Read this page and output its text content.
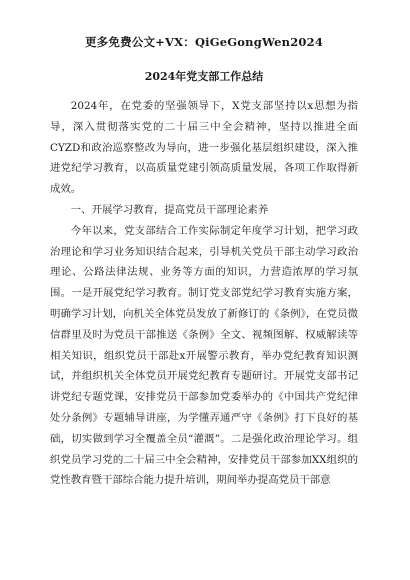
更多免费公文+VX：QiGeGongWen2024
2024年党支部工作总结

2024年，在党委的坚强领导下，X党支部坚持以x思想为指导，深入贯彻落实党的二十届三中全会精神，坚持以推进全面CYZD和政治巡察整改为导向，进一步强化基层组织建设，深入推进党纪学习教育，以高质量党建引领高质量发展，各项工作取得新成效。

一、开展学习教育，提高党员干部理论素养

今年以来，党支部结合工作实际制定年度学习计划，把学习政治理论和学习业务知识结合起来，引导机关党员干部主动学习政治理论、公路法律法规、业务等方面的知识，力营造浓厚的学习氛围。一是开展党纪学习教育。制订党支部党纪学习教育实施方案，明确学习计划，向机关全体党员发放了新修订的《条例》，在党员微信群里及时为党员干部推送《条例》全文、视频图解、权威解读等相关知识，组织党员干部赴x开展警示教育，举办党纪教育知识测试，并组织机关全体党员开展党纪教育专题研讨。开展党支部书记讲党纪专题党课，安排党员干部参加党委举办的《中国共产党纪律处分条例》专题辅导讲座，为学懂弄通严守《条例》打下良好的基础，切实做到学习全覆盖全员“灌溉”。二是强化政治理论学习。组织党员学习党的二十届三中全会精神，安排党员干部参加XX组织的党性教育暨干部综合能力提升培训，期间举办提高党员干部意
